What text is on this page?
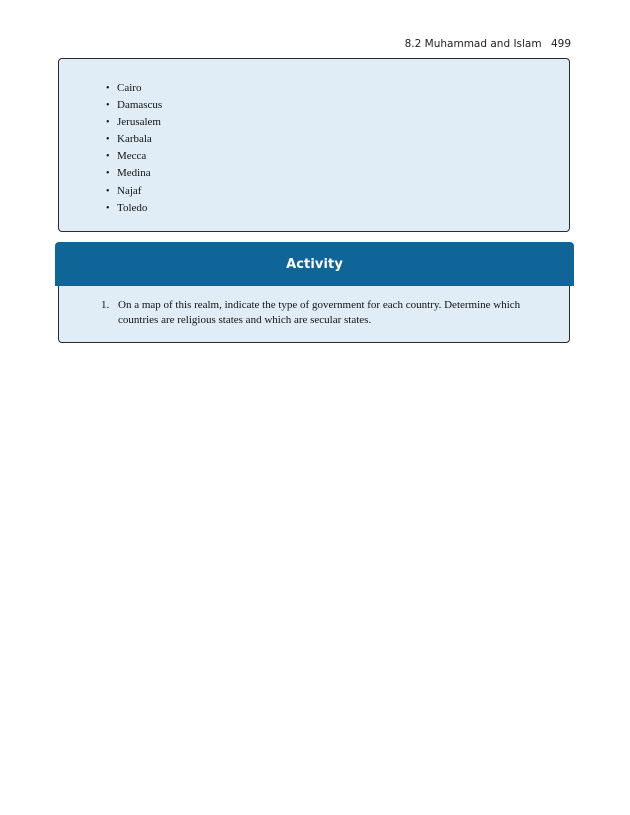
8.2 Muhammad and Islam 499
• Cairo
• Damascus
• Jerusalem
• Karbala
• Mecca
• Medina
• Najaf
• Toledo
Activity
1. On a map of this realm, indicate the type of government for each country. Determine which countries are religious states and which are secular states.
